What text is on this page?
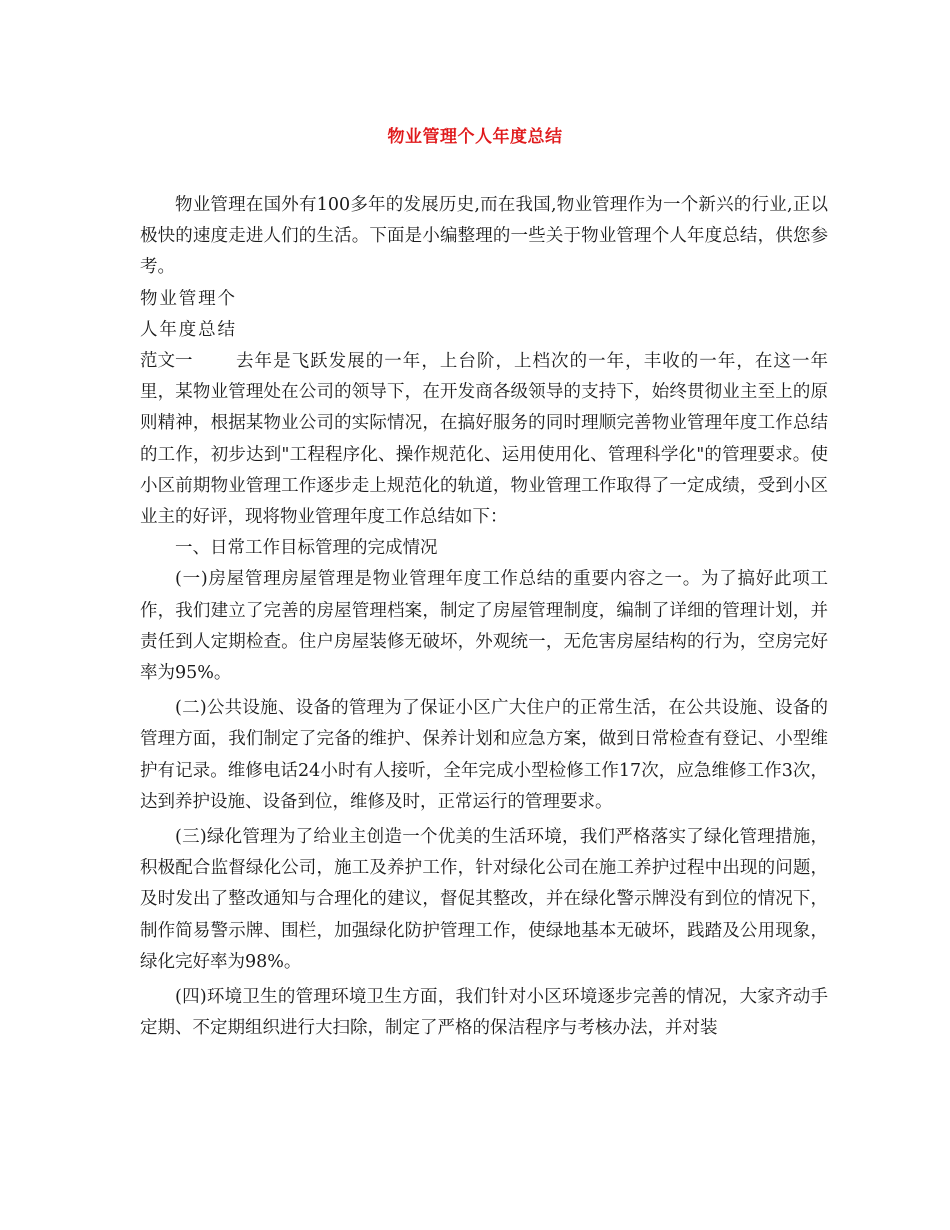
物业管理个人年度总结

物业管理在国外有100多年的发展历史,而在我国,物业管理作为一个新兴的行业,正以极快的速度走进人们的生活。下面是小编整理的一些关于物业管理个人年度总结，供您参考。

物业管理个人年度总结范文一 去年是飞跃发展的一年，上台阶，上档次的一年，丰收的一年，在这一年里，某物业管理处在公司的领导下，在开发商各级领导的支持下，始终贯彻业主至上的原则精神，根据某物业公司的实际情况，在搞好服务的同时理顺完善物业管理年度工作总结的工作，初步达到"工程程序化、操作规范化、运用使用化、管理科学化"的管理要求。使小区前期物业管理工作逐步走上规范化的轨道，物业管理工作取得了一定成绩，受到小区业主的好评，现将物业管理年度工作总结如下：

一、日常工作目标管理的完成情况

(一)房屋管理房屋管理是物业管理年度工作总结的重要内容之一。为了搞好此项工作，我们建立了完善的房屋管理档案，制定了房屋管理制度，编制了详细的管理计划，并责任到人定期检查。住户房屋装修无破坏，外观统一，无危害房屋结构的行为，空房完好率为95%。

(二)公共设施、设备的管理为了保证小区广大住户的正常生活，在公共设施、设备的管理方面，我们制定了完备的维护、保养计划和应急方案，做到日常检查有登记、小型维护有记录。维修电话24小时有人接听，全年完成小型检修工作17次，应急维修工作3次，达到养护设施、设备到位，维修及时，正常运行的管理要求。

(三)绿化管理为了给业主创造一个优美的生活环境，我们严格落实了绿化管理措施，积极配合监督绿化公司，施工及养护工作，针对绿化公司在施工养护过程中出现的问题，及时发出了整改通知与合理化的建议，督促其整改，并在绿化警示牌没有到位的情况下，制作简易警示牌、围栏，加强绿化防护管理工作，使绿地基本无破坏，践踏及公用现象，绿化完好率为98%。

(四)环境卫生的管理环境卫生方面，我们针对小区环境逐步完善的情况，大家齐动手定期、不定期组织进行大扫除，制定了严格的保洁程序与考核办法，并对装
